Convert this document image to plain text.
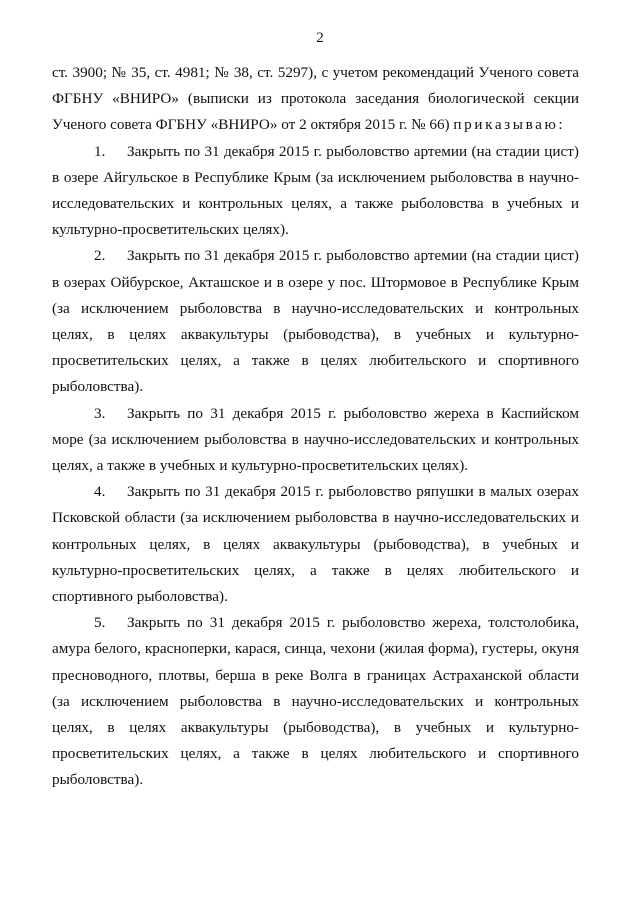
2

ст. 3900; № 35, ст. 4981; № 38, ст. 5297), с учетом рекомендаций Ученого совета ФГБНУ «ВНИРО» (выписки из протокола заседания биологической секции Ученого совета ФГБНУ «ВНИРО» от 2 октября 2015 г. № 66) приказываю:

1. Закрыть по 31 декабря 2015 г. рыболовство артемии (на стадии цист) в озере Айгульское в Республике Крым (за исключением рыболовства в научно-исследовательских и контрольных целях, а также рыболовства в учебных и культурно-просветительских целях).

2. Закрыть по 31 декабря 2015 г. рыболовство артемии (на стадии цист) в озерах Ойбурское, Акташское и в озере у пос. Штормовое в Республике Крым (за исключением рыболовства в научно-исследовательских и контрольных целях, в целях аквакультуры (рыбоводства), в учебных и культурно-просветительских целях, а также в целях любительского и спортивного рыболовства).

3. Закрыть по 31 декабря 2015 г. рыболовство жереха в Каспийском море (за исключением рыболовства в научно-исследовательских и контрольных целях, а также в учебных и культурно-просветительских целях).

4. Закрыть по 31 декабря 2015 г. рыболовство ряпушки в малых озерах Псковской области (за исключением рыболовства в научно-исследовательских и контрольных целях, в целях аквакультуры (рыбоводства), в учебных и культурно-просветительских целях, а также в целях любительского и спортивного рыболовства).

5. Закрыть по 31 декабря 2015 г. рыболовство жереха, толстолобика, амура белого, красноперки, карася, синца, чехони (жилая форма), густеры, окуня пресноводного, плотвы, берша в реке Волга в границах Астраханской области (за исключением рыболовства в научно-исследовательских и контрольных целях, в целях аквакультуры (рыбоводства), в учебных и культурно-просветительских целях, а также в целях любительского и спортивного рыболовства).
